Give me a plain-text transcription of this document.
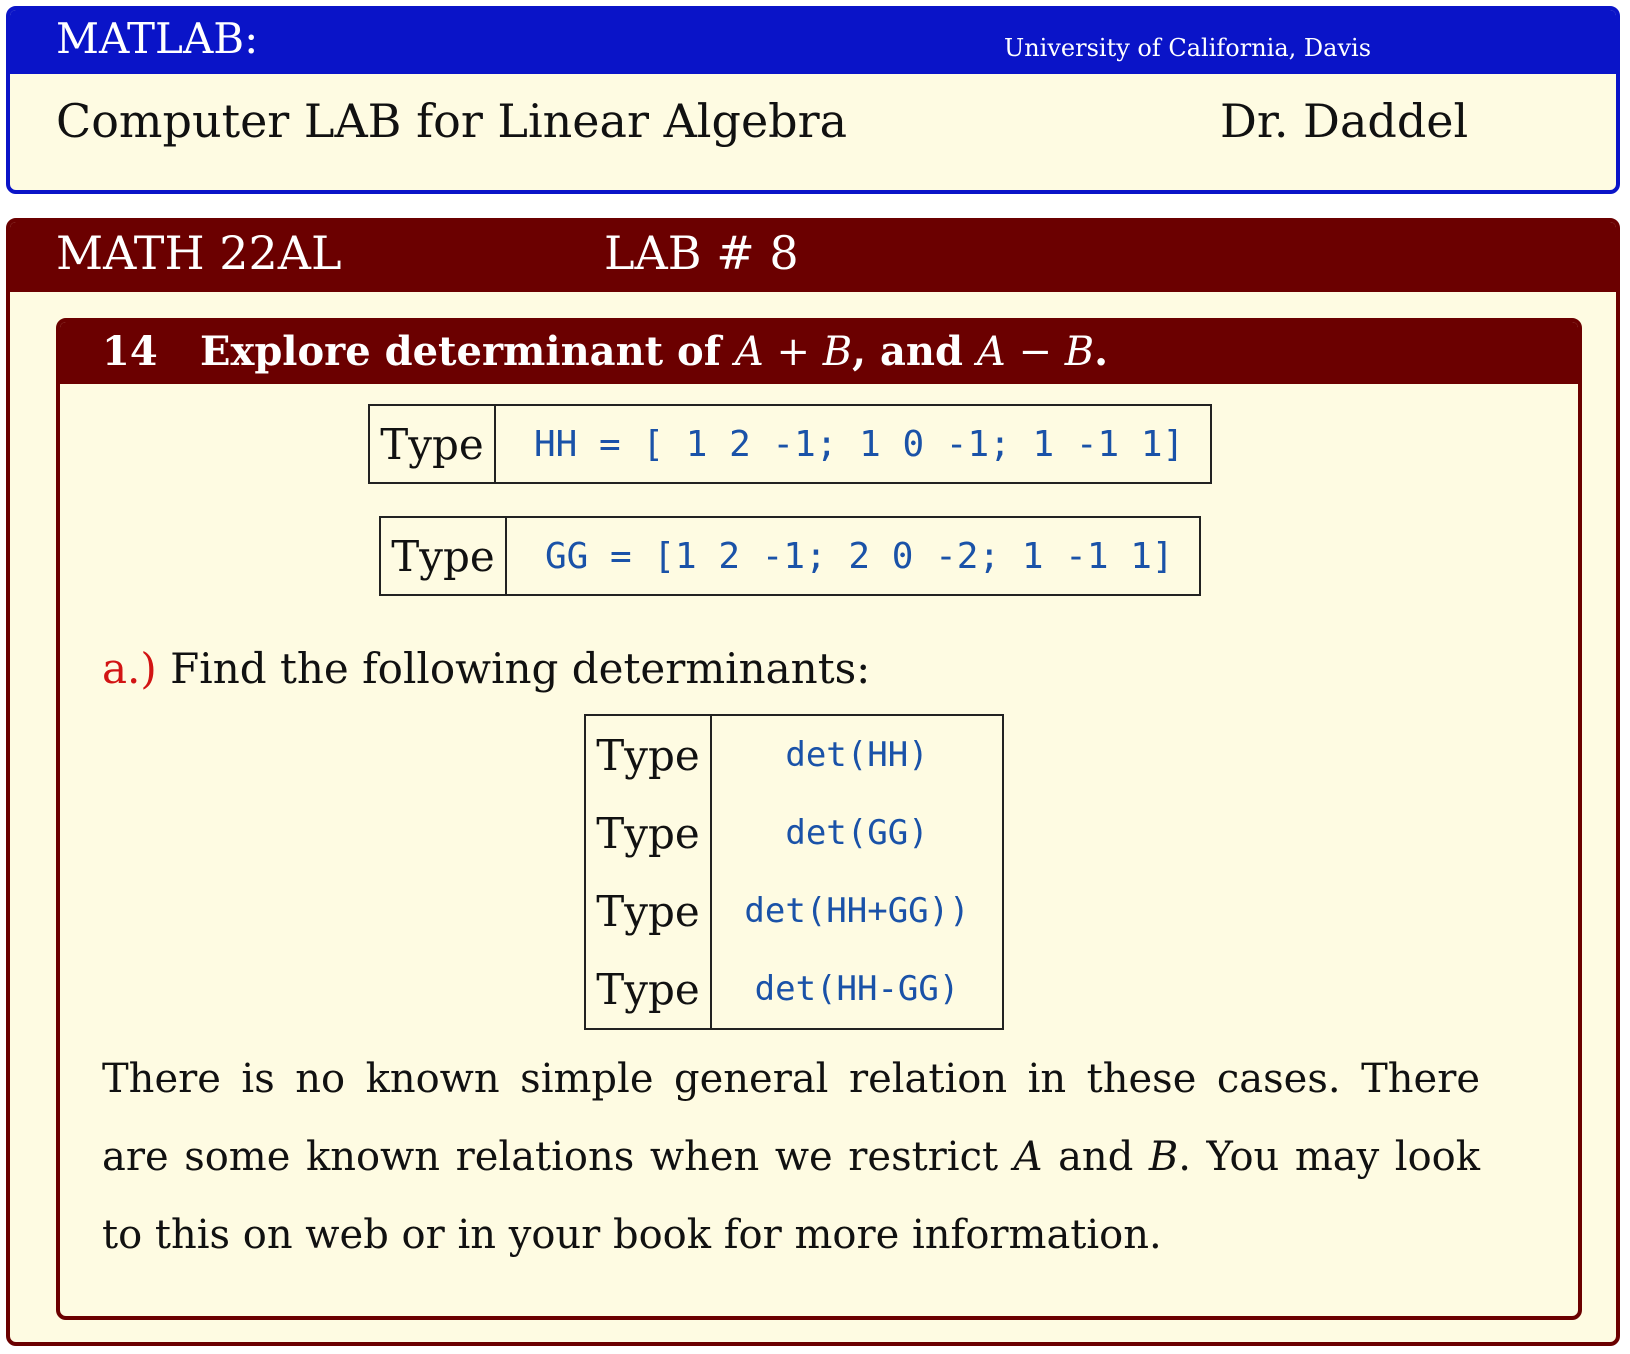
MATLAB:	University of California, Davis
Computer LAB for Linear Algebra	Dr. Daddel
MATH 22AL	LAB # 8
14 Explore determinant of A + B, and A − B.
Type	HH = [ 1 2 -1; 1 0 -1; 1 -1 1]
Type	GG = [1 2 -1; 2 0 -2; 1 -1 1]
a.) Find the following determinants:
Type	det(HH)
Type	det(GG)
Type	det(HH+GG))
Type	det(HH-GG)
There is no known simple general relation in these cases. There are some known relations when we restrict A and B. You may look to this on web or in your book for more information.
